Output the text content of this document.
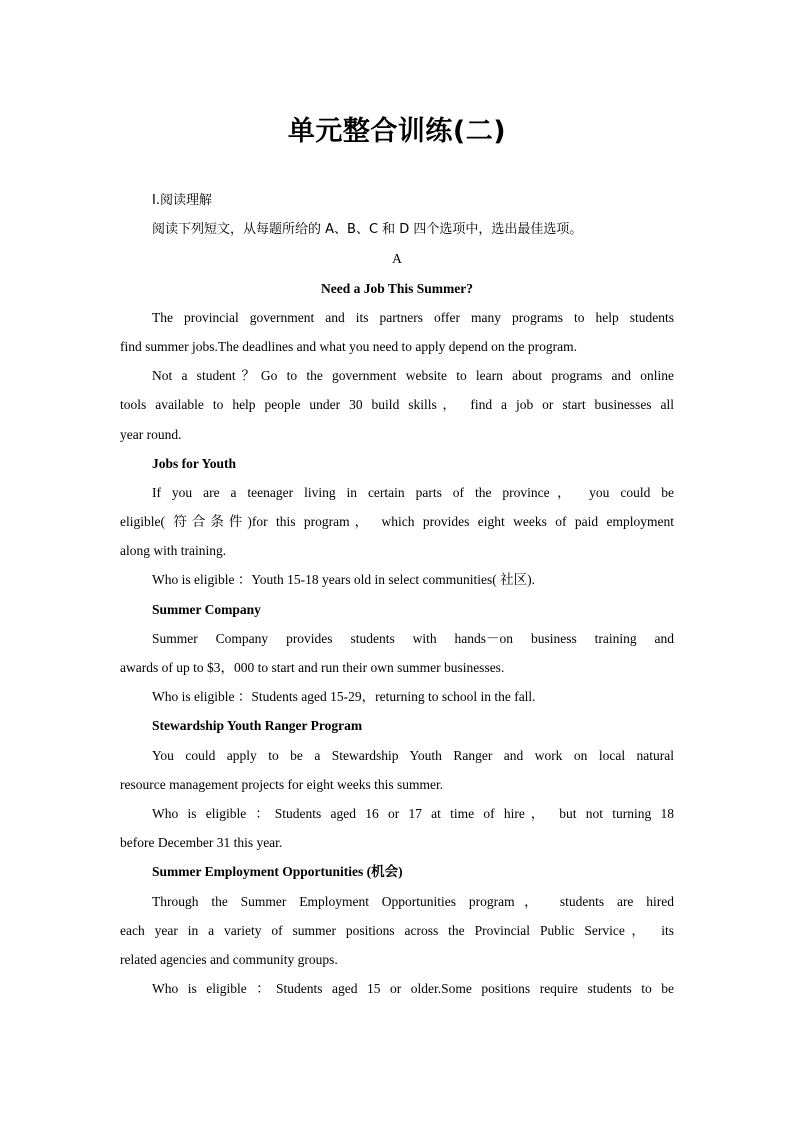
单元整合训练(二)
Ⅰ.阅读理解
阅读下列短文，从每题所给的 A、B、C 和 D 四个选项中，选出最佳选项。
A
Need a Job This Summer?
The provincial government and its partners offer many programs to help students
find summer jobs.The deadlines and what you need to apply depend on the program.
Not a student？Go to the government website to learn about programs and online
tools available to help people under 30 build skills， find a job or start businesses all
year round.
Jobs for Youth
If you are a teenager living in certain parts of the province， you could be
eligible( 符合条件)for this program， which provides eight weeks of paid employment
along with training.
Who is eligible ：Youth 15-18 years old in select communities( 社区).
Summer Company
Summer Company provides students with hands－on business training and
awards of up to $3，000 to start and run their own summer businesses.
Who is eligible ：Students aged 15-29，returning to school in the fall.
Stewardship Youth Ranger Program
You could apply to be a Stewardship Youth Ranger and work on local natural
resource management projects for eight weeks this summer.
Who is eligible ：Students aged 16 or 17 at time of hire， but not turning 18
before December 31 this year.
Summer Employment Opportunities (机会)
Through the Summer Employment Opportunities program， students are hired
each year in a variety of summer positions across the Provincial Public Service， its
related agencies and community groups.
Who is eligible ：Students aged 15 or older.Some positions require students to be
